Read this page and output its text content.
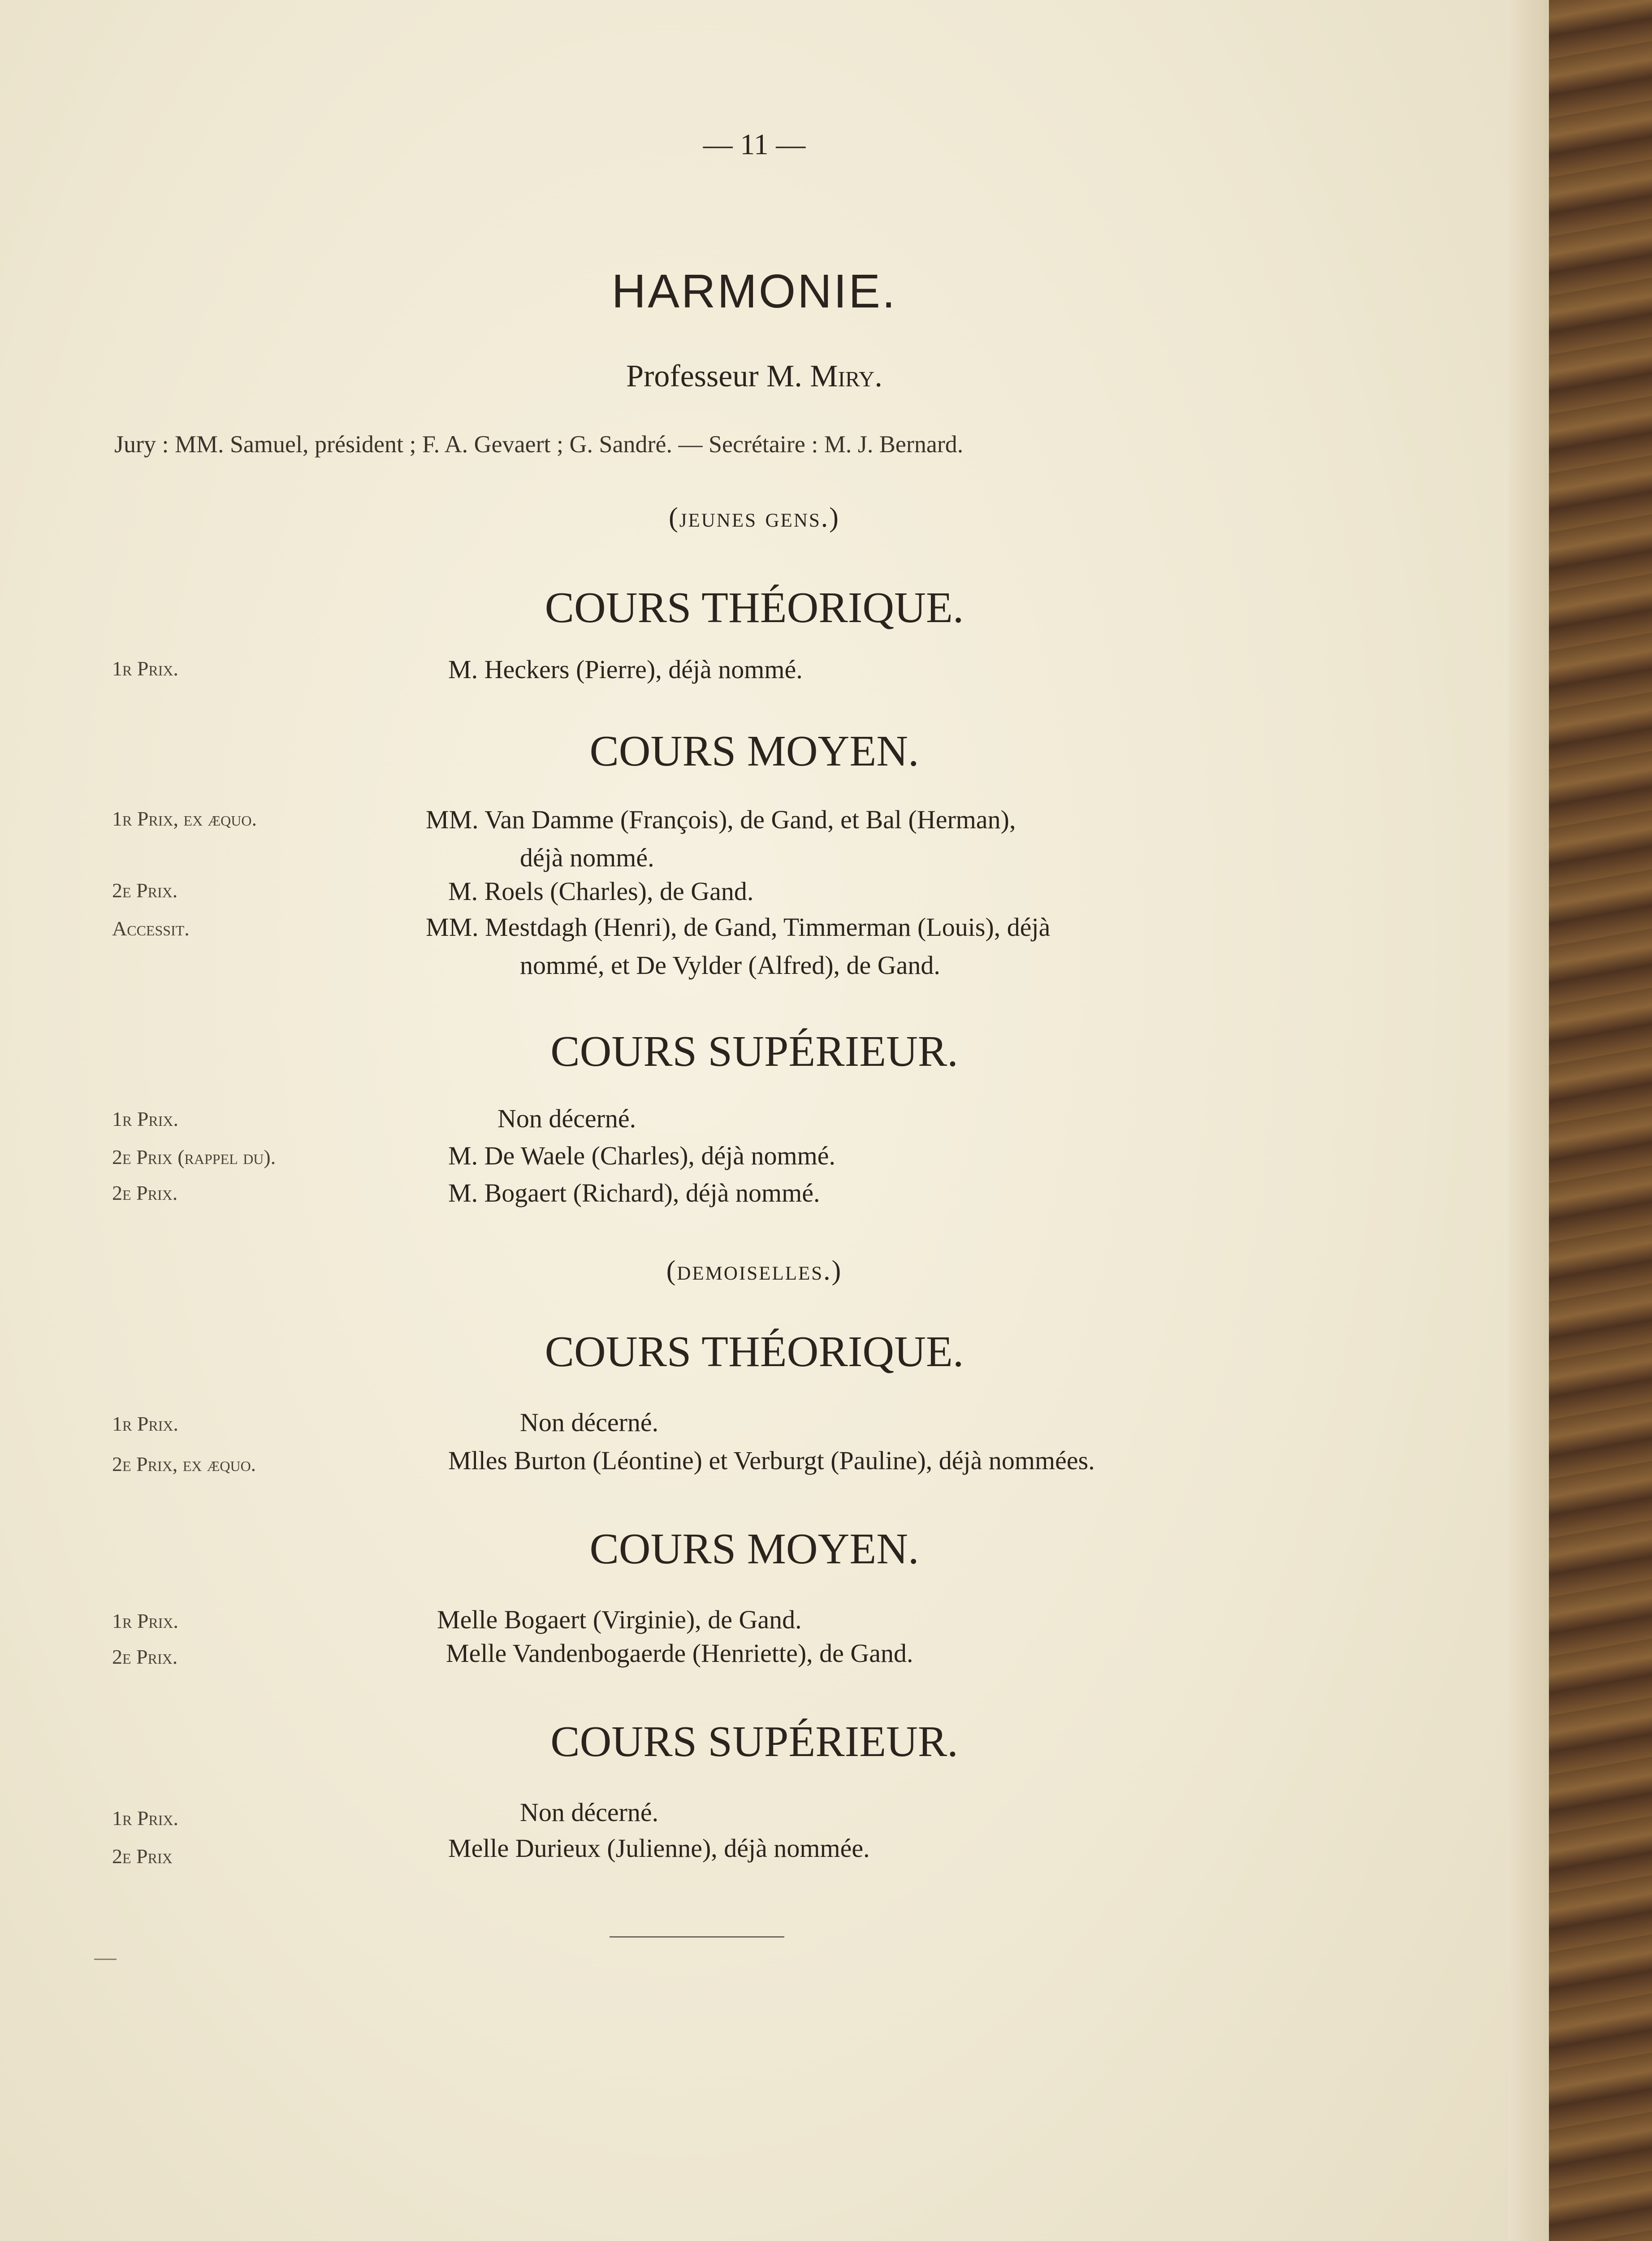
— 11 —
HARMONIE.
Professeur M. Miry.
Jury : MM. Samuel, président ; F. A. Gevaert ; G. Sandré. — Secrétaire : M. J. Bernard.
(jeunes gens.)
COURS THÉORIQUE.
1r Prix.	M. Heckers (Pierre), déjà nommé.
COURS MOYEN.
1r Prix, ex æquo.	MM. Van Damme (François), de Gand, et Bal (Herman),
déjà nommé.
2e Prix.	M. Roels (Charles), de Gand.
Accessit.	MM. Mestdagh (Henri), de Gand, Timmerman (Louis), déjà
nommé, et De Vylder (Alfred), de Gand.
COURS SUPÉRIEUR.
1r Prix.	Non décerné.
2e Prix (rappel du).	M. De Waele (Charles), déjà nommé.
2e Prix.	M. Bogaert (Richard), déjà nommé.
(demoiselles.)
COURS THÉORIQUE.
1r Prix.	Non décerné.
2e Prix, ex æquo.	Mlles Burton (Léontine) et Verburgt (Pauline), déjà nommées.
COURS MOYEN.
1r Prix.	Melle Bogaert (Virginie), de Gand.
2e Prix.	Melle Vandenbogaerde (Henriette), de Gand.
COURS SUPÉRIEUR.
1r Prix.	Non décerné.
2e Prix	Melle Durieux (Julienne), déjà nommée.
